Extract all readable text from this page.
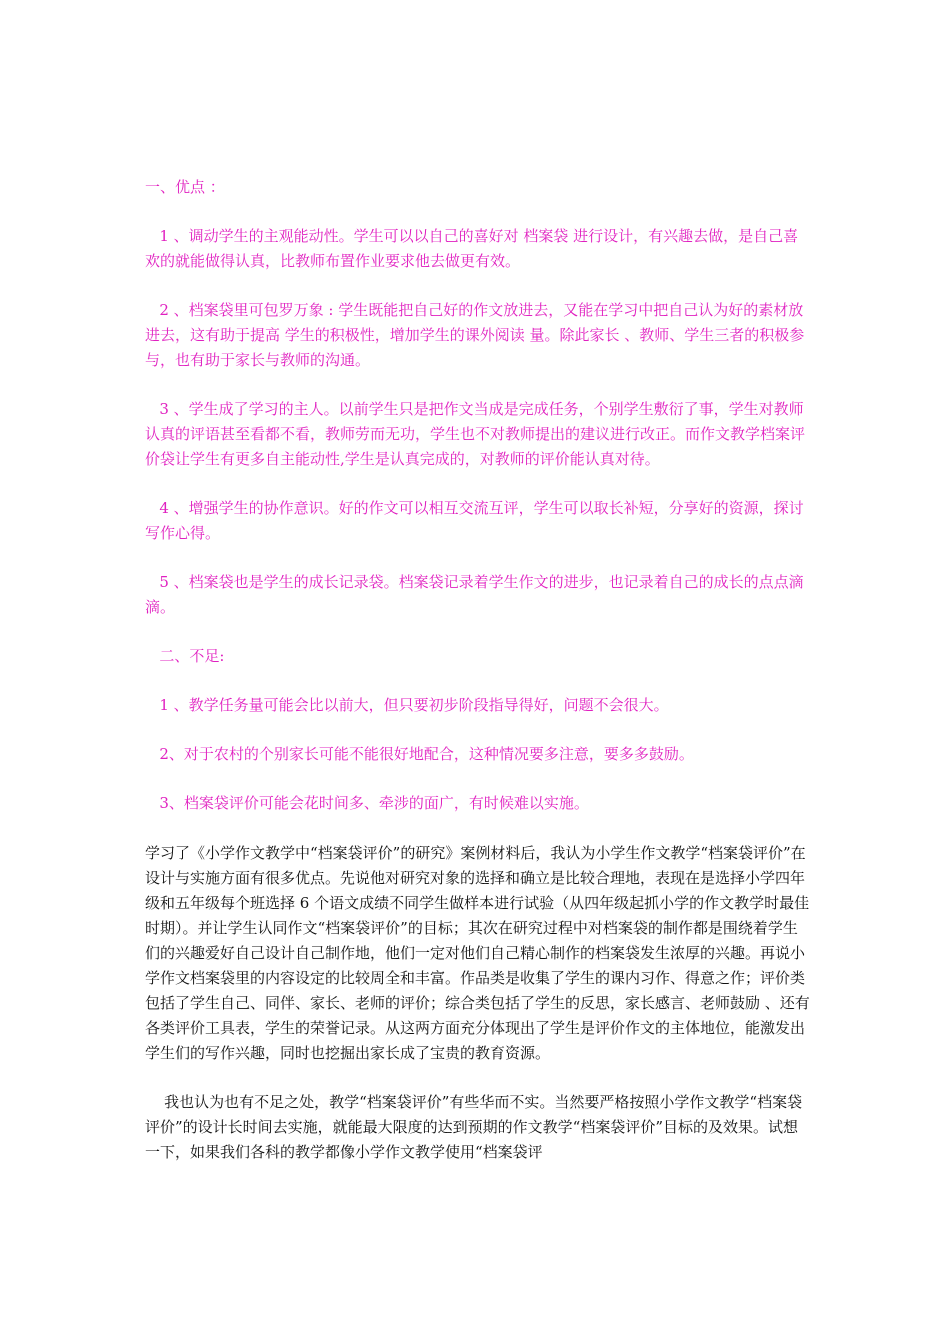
一、优点 ：

1 、调动学生的主观能动性。学生可以以自己的喜好对 档案袋 进行设计，有兴趣去做，是自己喜欢的就能做得认真，比教师布置作业要求他去做更有效。

2 、档案袋里可包罗万象 : 学生既能把自己好的作文放进去，又能在学习中把自己认为好的素材放进去，这有助于提高 学生的积极性，增加学生的课外阅读 量。除此家长 、教师、学生三者的积极参与，也有助于家长与教师的沟通。

3 、学生成了学习的主人。以前学生只是把作文当成是完成任务，个别学生敷衍了事，学生对教师认真的评语甚至看都不看，教师劳而无功，学生也不对教师提出的建议进行改正。而作文教学档案评价袋让学生有更多自主能动性,学生是认真完成的，对教师的评价能认真对待。

4 、增强学生的协作意识。好的作文可以相互交流互评，学生可以取长补短，分享好的资源，探讨写作心得。

5 、档案袋也是学生的成长记录袋。档案袋记录着学生作文的进步，也记录着自己的成长的点点滴滴。

二、不足:

1 、教学任务量可能会比以前大，但只要初步阶段指导得好，问题不会很大。

2、对于农村的个别家长可能不能很好地配合，这种情况要多注意，要多多鼓励。

3、档案袋评价可能会花时间多、牵涉的面广，有时候难以实施。

学习了《小学作文教学中“档案袋评价”的研究》案例材料后，我认为小学生作文教学“档案袋评价”在设计与实施方面有很多优点。先说他对研究对象的选择和确立是比较合理地，表现在是选择小学四年级和五年级每个班选择 6 个语文成绩不同学生做样本进行试验（从四年级起抓小学的作文教学时最佳时期）。并让学生认同作文“档案袋评价”的目标；其次在研究过程中对档案袋的制作都是围绕着学生们的兴趣爱好自己设计自己制作地，他们一定对他们自己精心制作的档案袋发生浓厚的兴趣。再说小学作文档案袋里的内容设定的比较周全和丰富。作品类是收集了学生的课内习作、得意之作；评价类包括了学生自己、同伴、家长、老师的评价；综合类包括了学生的反思，家长感言、老师鼓励 、还有各类评价工具表，学生的荣誉记录。从这两方面充分体现出了学生是评价作文的主体地位，能激发出学生们的写作兴趣，同时也挖掘出家长成了宝贵的教育资源。

我也认为也有不足之处，教学“档案袋评价”有些华而不实。当然要严格按照小学作文教学“档案袋评价”的设计长时间去实施，就能最大限度的达到预期的作文教学“档案袋评价”目标的及效果。试想一下，如果我们各科的教学都像小学作文教学使用“档案袋评
